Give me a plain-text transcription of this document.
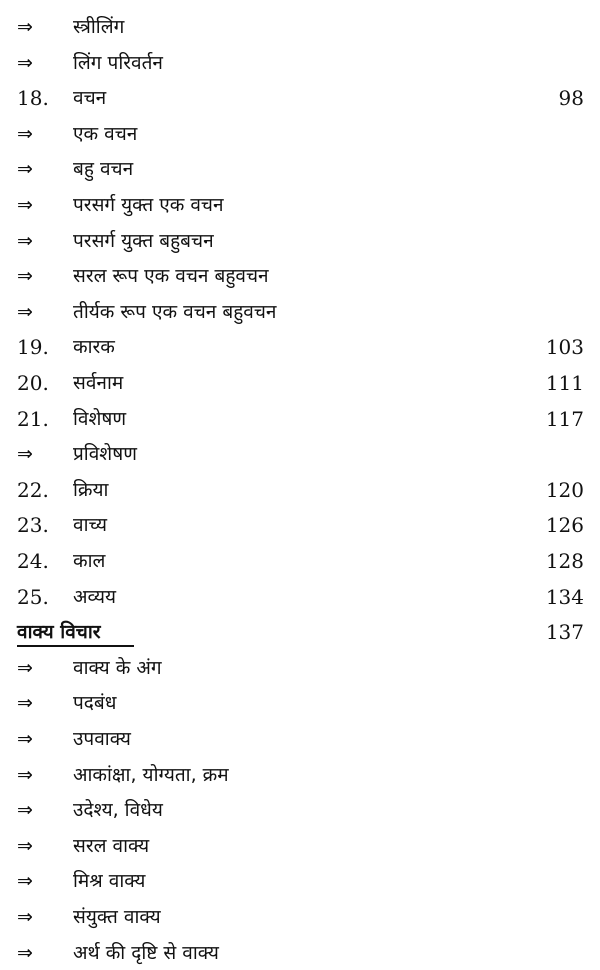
⇒ स्त्रीलिंग
⇒ लिंग परिवर्तन
18. वचन	98
⇒ एक वचन
⇒ बहु वचन
⇒ परसर्ग युक्त एक वचन
⇒ परसर्ग युक्त बहुबचन
⇒ सरल रूप एक वचन बहुवचन
⇒ तीर्यक रूप एक वचन बहुवचन
19. कारक	103
20. सर्वनाम	111
21. विशेषण	117
⇒ प्रविशेषण
22. क्रिया	120
23. वाच्य	126
24. काल	128
25. अव्यय	134
वाक्य विचार	137
⇒ वाक्य के अंग
⇒ पदबंध
⇒ उपवाक्य
⇒ आकांक्षा, योग्यता, क्रम
⇒ उदेश्य, विधेय
⇒ सरल वाक्य
⇒ मिश्र वाक्य
⇒ संयुक्त वाक्य
⇒ अर्थ की दृष्टि से वाक्य
